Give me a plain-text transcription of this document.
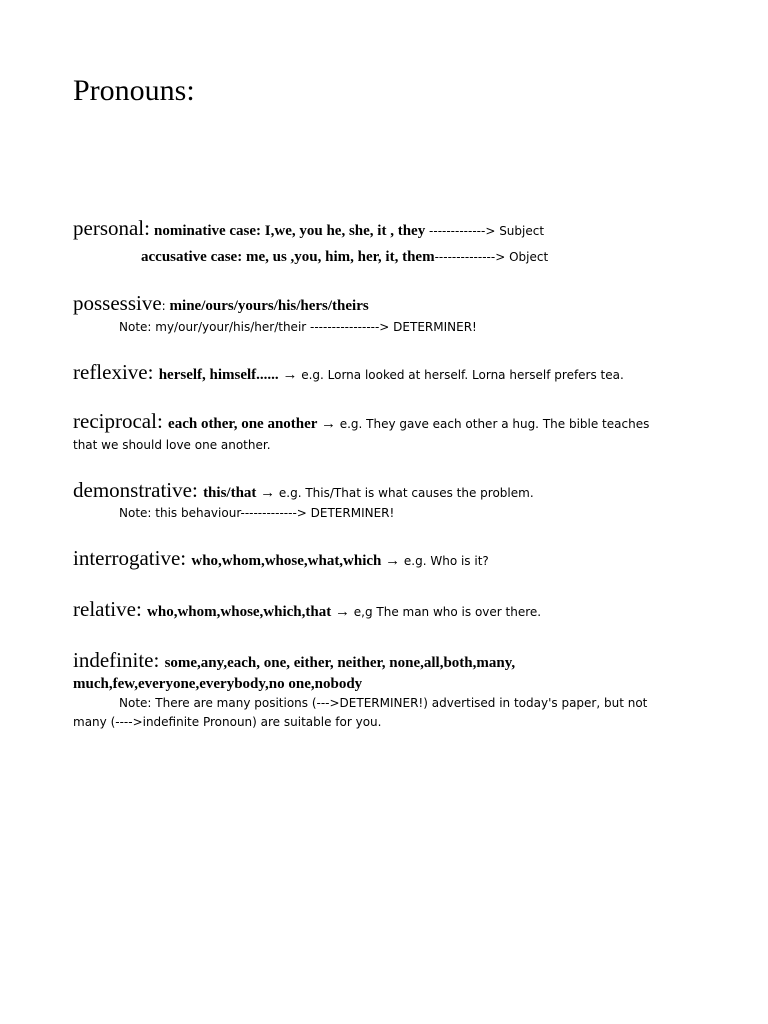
Pronouns:
personal: nominative case: I,we, you he, she, it , they -------------> Subject
accusative case: me, us ,you, him, her, it, them--------------> Object
possessive: mine/ours/yours/his/hers/theirs
Note: my/our/your/his/her/their ----------------> DETERMINER!
reflexive: herself, himself...... → e.g. Lorna looked at herself. Lorna herself prefers tea.
reciprocal: each other, one another → e.g. They gave each other a hug. The bible teaches
that we should love one another.
demonstrative: this/that → e.g. This/That is what causes the problem.
Note: this behaviour-------------> DETERMINER!
interrogative: who,whom,whose,what,which → e.g. Who is it?
relative: who,whom,whose,which,that → e,g The man who is over there.
indefinite: some,any,each, one, either, neither, none,all,both,many,
much,few,everyone,everybody,no one,nobody
Note: There are many positions (--->DETERMINER!) advertised in today's paper, but not
many (---->indefinite Pronoun) are suitable for you.
